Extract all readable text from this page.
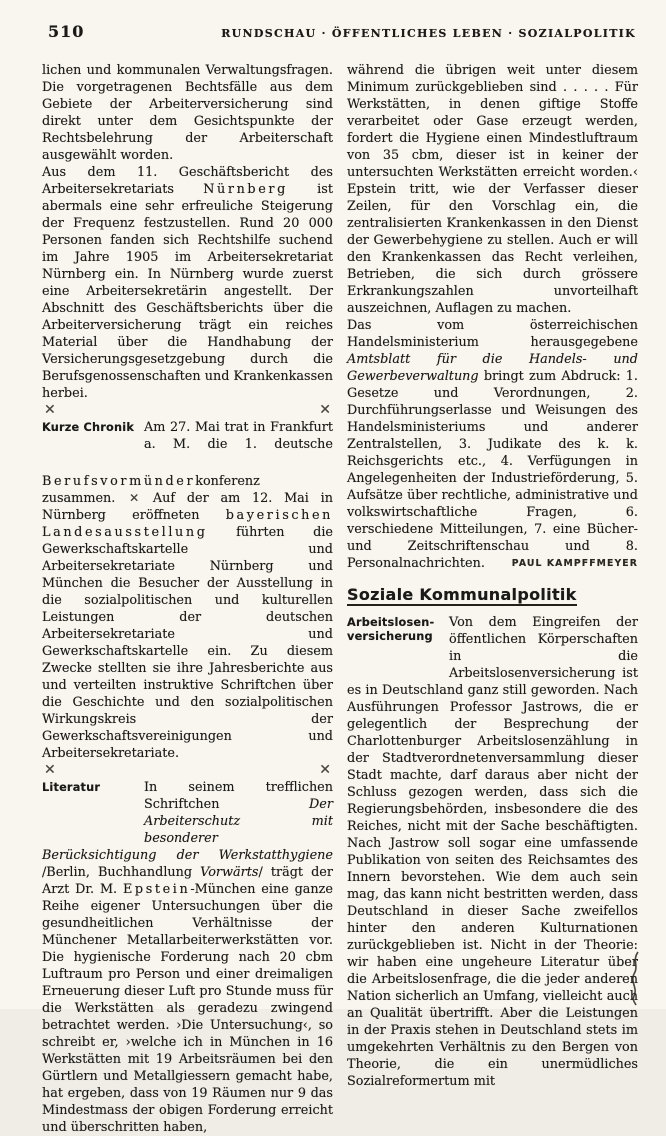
510	RUNDSCHAU · ÖFFENTLICHES LEBEN · SOZIALPOLITIK

lichen und kommunalen Verwaltungsfragen. Die vorgetragenen Bechtsfälle aus dem Gebiete der Arbeiterversicherung sind direkt unter dem Gesichtspunkte der Rechtsbelehrung der Arbeiterschaft ausgewählt worden.

Aus dem 11. Geschäftsbericht des Arbeitersekretariats Nürnberg ist abermals eine sehr erfreuliche Steigerung der Frequenz festzustellen. Rund 20 000 Personen fanden sich Rechtshilfe suchend im Jahre 1905 im Arbeitersekretariat Nürnberg ein. In Nürnberg wurde zuerst eine Arbeitersekretärin angestellt. Der Abschnitt des Geschäftsberichts über die Arbeiterversicherung trägt ein reiches Material über die Handhabung der Versicherungsgesetzgebung durch die Berufsgenossenschaften und Krankenkassen herbei.

✕	✕

Kurze Chronik Am 27. Mai trat in Frankfurt a. M. die 1. deutsche Berufsvormünderkonferenz zusammen. ✕ Auf der am 12. Mai in Nürnberg eröffneten bayerischen Landesausstellung führten die Gewerkschaftskartelle und Arbeitersekretariate Nürnberg und München die Besucher der Ausstellung in die sozialpolitischen und kulturellen Leistungen der deutschen Arbeitersekretariate und Gewerkschaftskartelle ein. Zu diesem Zwecke stellten sie ihre Jahresberichte aus und verteilten instruktive Schriftchen über die Geschichte und den sozialpolitischen Wirkungskreis der Gewerkschaftsvereinigungen und Arbeitersekretariate.

✕	✕

Literatur	In seinem trefflichen Schriftchen Der Arbeiterschutz mit besonderer Berücksichtigung der Werkstatthygiene /Berlin, Buchhandlung Vorwärts/ trägt der Arzt Dr. M. Epstein-München eine ganze Reihe eigener Untersuchungen über die gesundheitlichen Verhältnisse der Münchener Metallarbeiterwerkstätten vor. Die hygienische Forderung nach 20 cbm Luftraum pro Person und einer dreimaligen Erneuerung dieser Luft pro Stunde muss für die Werkstätten als geradezu zwingend betrachtet werden. ›Die Untersuchung‹, so schreibt er, ›welche ich in München in 16 Werkstätten mit 19 Arbeitsräumen bei den Gürtlern und Metallgiessern gemacht habe, hat ergeben, dass von 19 Räumen nur 9 das Mindestmass der obigen Forderung erreicht und überschritten haben,

während die übrigen weit unter diesem Minimum zurückgeblieben sind . . . . . Für Werkstätten, in denen giftige Stoffe verarbeitet oder Gase erzeugt werden, fordert die Hygiene einen Mindestluftraum von 35 cbm, dieser ist in keiner der untersuchten Werkstätten erreicht worden.‹ Epstein tritt, wie der Verfasser dieser Zeilen, für den Vorschlag ein, die zentralisierten Krankenkassen in den Dienst der Gewerbehygiene zu stellen. Auch er will den Krankenkassen das Recht verleihen, Betrieben, die sich durch grössere Erkrankungszahlen unvorteilhaft auszeichnen, Auflagen zu machen.

Das vom österreichischen Handelsministerium herausgegebene Amtsblatt für die Handels- und Gewerbeverwaltung bringt zum Abdruck: 1. Gesetze und Verordnungen, 2. Durchführungserlasse und Weisungen des Handelsministeriums und anderer Zentralstellen, 3. Judikate des k. k. Reichsgerichts etc., 4. Verfügungen in Angelegenheiten der Industrieförderung, 5. Aufsätze über rechtliche, administrative und volkswirtschaftliche Fragen, 6. verschiedene Mitteilungen, 7. eine Bücher- und Zeitschriftenschau und 8. Personalnachrichten.	PAUL KAMPFFMEYER
Soziale Kommunalpolitik

Arbeitslosen-
versicherung
Von dem Eingreifen der öffentlichen Körperschaften in die Arbeitslosenversicherung ist es in Deutschland ganz still geworden. Nach Ausführungen Professor Jastrows, die er gelegentlich der Besprechung der Charlottenburger Arbeitslosenzählung in der Stadtverordnetenversammlung dieser Stadt machte, darf daraus aber nicht der Schluss gezogen werden, dass sich die Regierungsbehörden, insbesondere die des Reiches, nicht mit der Sache beschäftigten. Nach Jastrow soll sogar eine umfassende Publikation von seiten des Reichsamtes des Innern bevorstehen. Wie dem auch sein mag, das kann nicht bestritten werden, dass Deutschland in dieser Sache zweifellos hinter den anderen Kulturnationen zurückgeblieben ist. Nicht in der Theorie: wir haben eine ungeheure Literatur über die Arbeitslosenfrage, die die jeder anderen Nation sicherlich an Umfang, vielleicht auch an Qualität übertrifft. Aber die Leistungen in der Praxis stehen in Deutschland stets im umgekehrten Verhältnis zu den Bergen von Theorie, die ein unermüdliches Sozialreformertum mit
